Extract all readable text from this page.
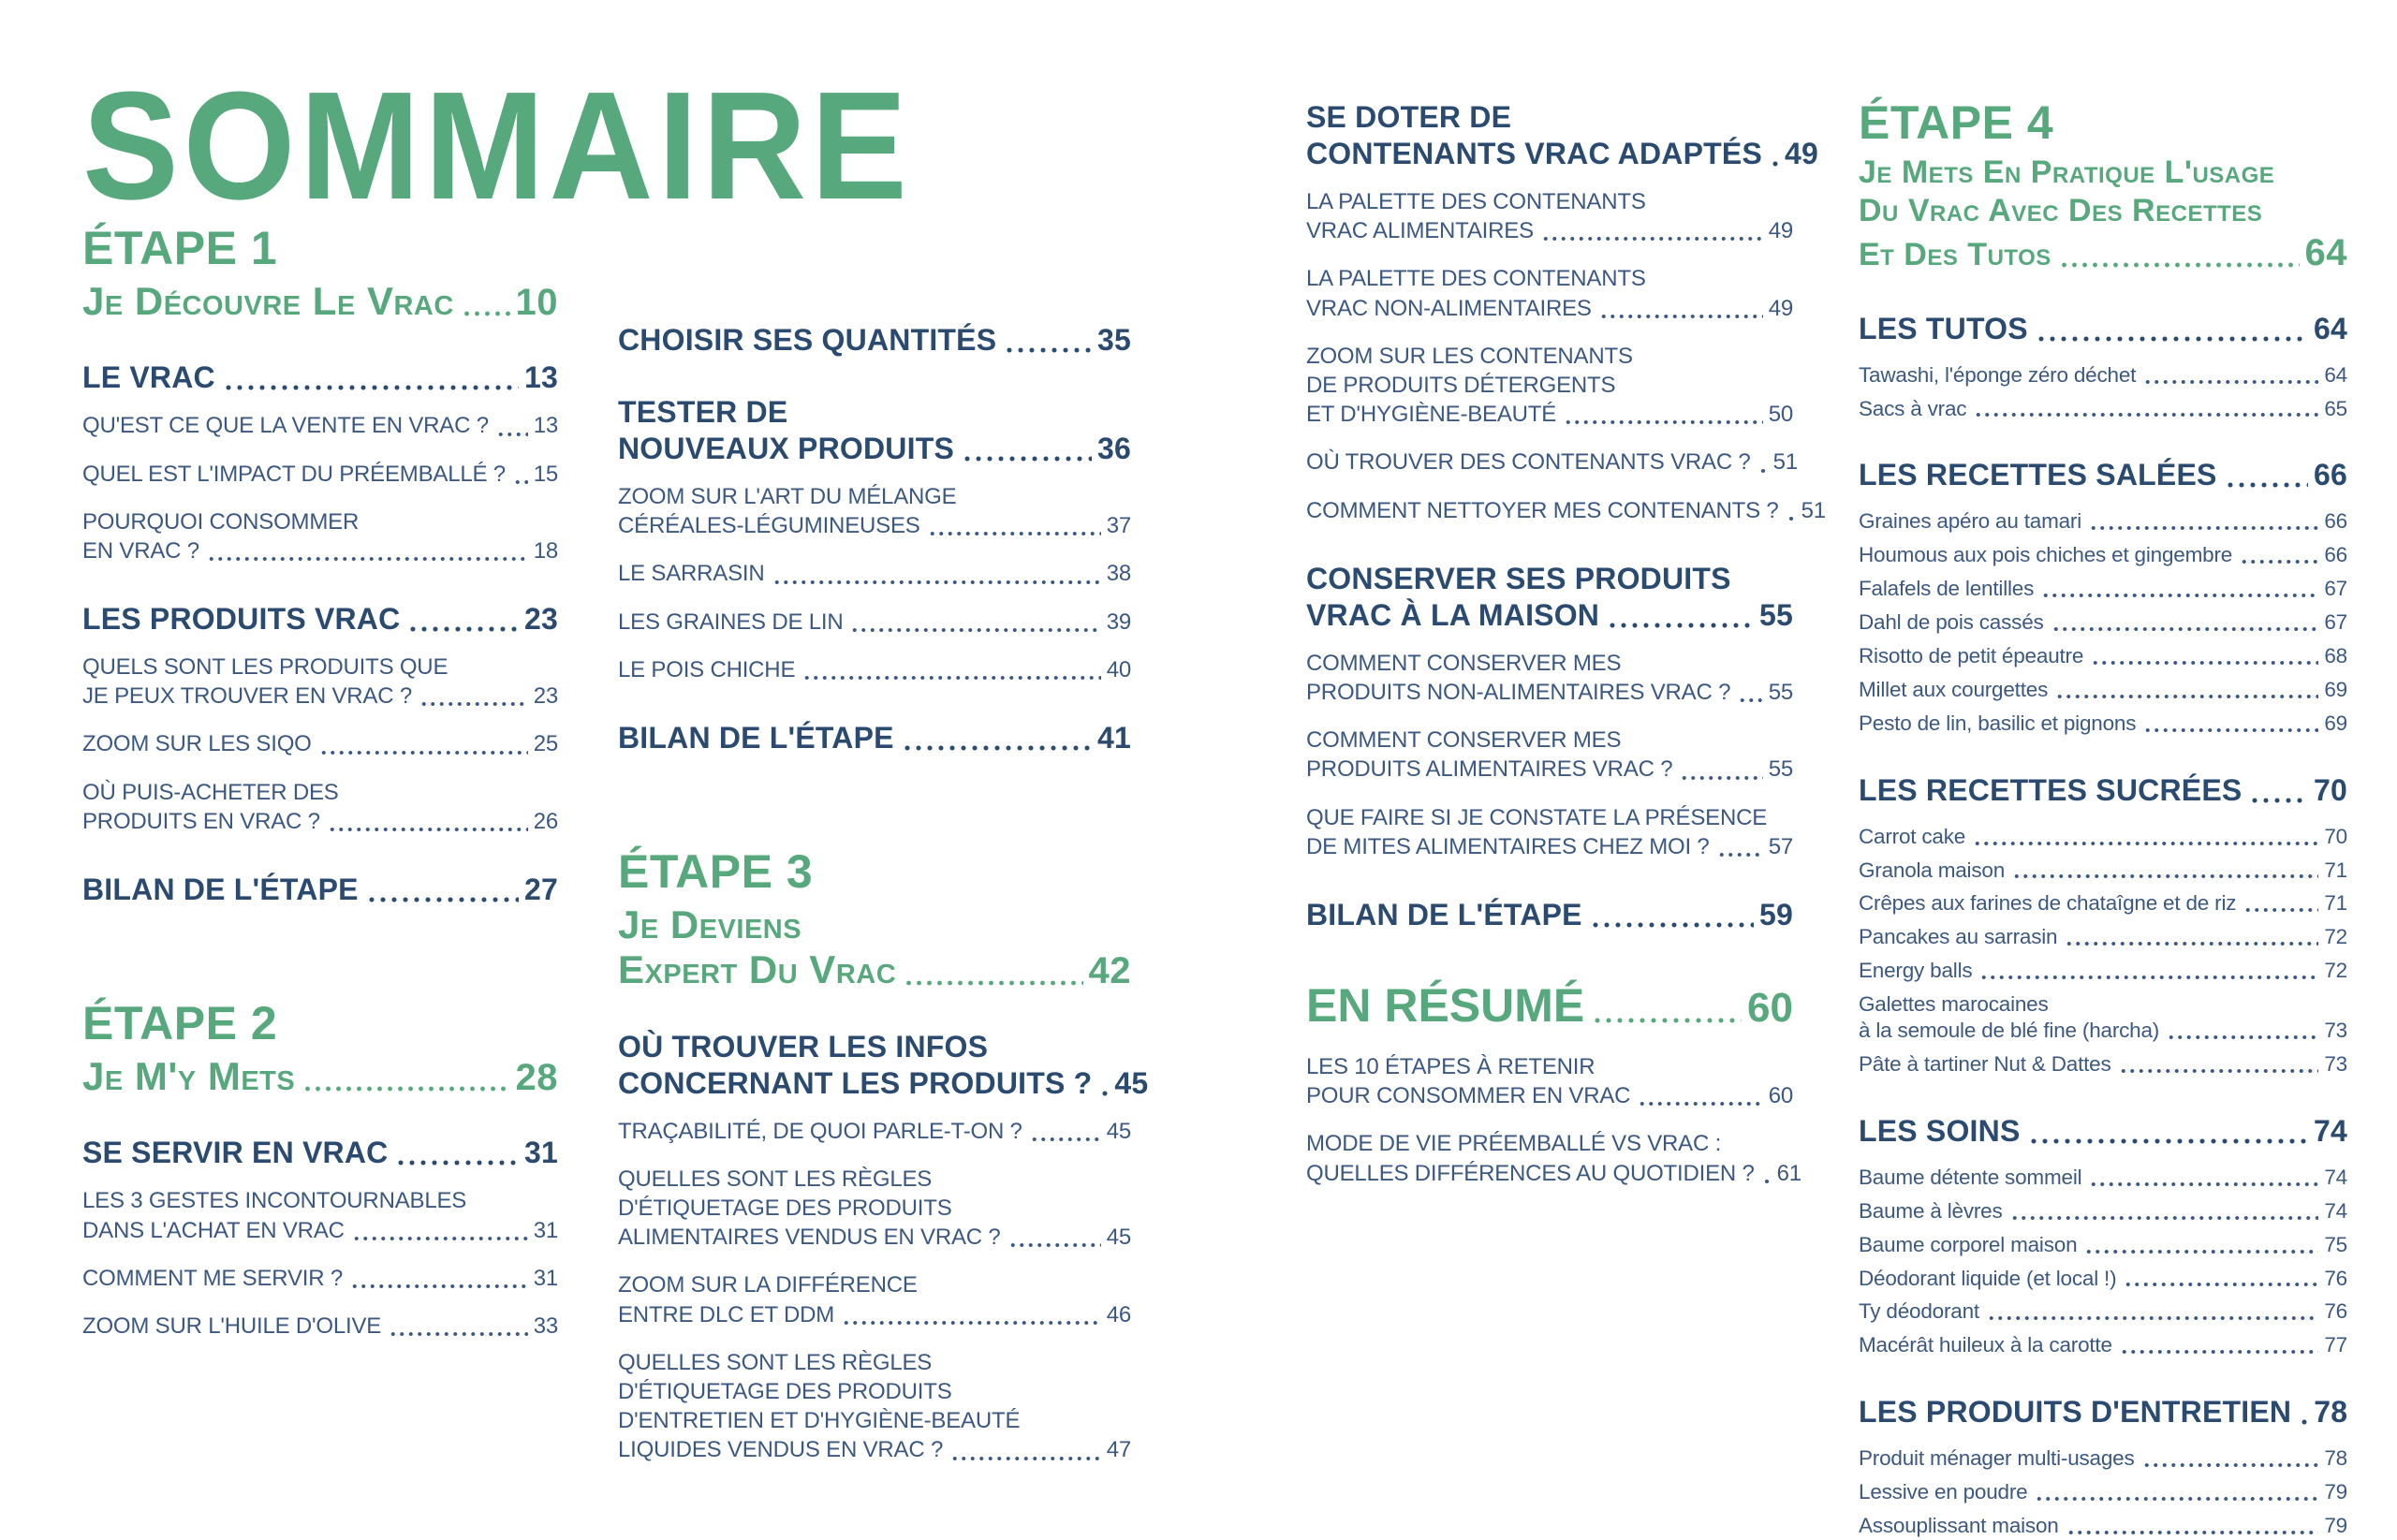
SOMMAIRE
ÉTAPE 1
Je Découvre Le Vrac 10
LE VRAC	13
QU'EST CE QUE LA VENTE EN VRAC ? 13
QUEL EST L'IMPACT DU PRÉEMBALLÉ ? 15
POURQUOI CONSOMMER
EN VRAC ?	18
LES PRODUITS VRAC	23
QUELS SONT LES PRODUITS QUE
JE PEUX TROUVER EN VRAC ?	23
ZOOM SUR LES SIQO	25
OÙ PUIS-ACHETER DES
PRODUITS EN VRAC ?	26
BILAN DE L'ÉTAPE	27
ÉTAPE 2
Je M'y Mets	28
SE SERVIR EN VRAC	31
LES 3 GESTES INCONTOURNABLES
DANS L'ACHAT EN VRAC	31
COMMENT ME SERVIR ?	31
ZOOM SUR L'HUILE D'OLIVE	33
CHOISIR SES QUANTITÉS	35
TESTER DE
NOUVEAUX PRODUITS	36
ZOOM SUR L'ART DU MÉLANGE
CÉRÉALES-LÉGUMINEUSES	37
LE SARRASIN	38
LES GRAINES DE LIN	39
LE POIS CHICHE	40
BILAN DE L'ÉTAPE	41
ÉTAPE 3
Je Deviens
Expert Du Vrac	42
OÙ TROUVER LES INFOS
CONCERNANT LES PRODUITS ? 45
TRAÇABILITÉ, DE QUOI PARLE-T-ON ?	45
QUELLES SONT LES RÈGLES
D'ÉTIQUETAGE DES PRODUITS
ALIMENTAIRES VENDUS EN VRAC ?	45
ZOOM SUR LA DIFFÉRENCE
ENTRE DLC ET DDM	46
QUELLES SONT LES RÈGLES
D'ÉTIQUETAGE DES PRODUITS
D'ENTRETIEN ET D'HYGIÈNE-BEAUTÉ
LIQUIDES VENDUS EN VRAC ?	47
SE DOTER DE
CONTENANTS VRAC ADAPTÉS 49
LA PALETTE DES CONTENANTS
VRAC ALIMENTAIRES	49
LA PALETTE DES CONTENANTS
VRAC NON-ALIMENTAIRES	49
ZOOM SUR LES CONTENANTS
DE PRODUITS DÉTERGENTS
ET D'HYGIÈNE-BEAUTÉ	50
OÙ TROUVER DES CONTENANTS VRAC ? 51
COMMENT NETTOYER MES CONTENANTS ? 51
CONSERVER SES PRODUITS
VRAC À LA MAISON	55
COMMENT CONSERVER MES
PRODUITS NON-ALIMENTAIRES VRAC ? 55
COMMENT CONSERVER MES
PRODUITS ALIMENTAIRES VRAC ?	55
QUE FAIRE SI JE CONSTATE LA PRÉSENCE
DE MITES ALIMENTAIRES CHEZ MOI ?	57
BILAN DE L'ÉTAPE	59
EN RÉSUMÉ	60
LES 10 ÉTAPES À RETENIR
POUR CONSOMMER EN VRAC	60
MODE DE VIE PRÉEMBALLÉ VS VRAC :
QUELLES DIFFÉRENCES AU QUOTIDIEN ? 61
ÉTAPE 4
Je Mets En Pratique L'usage
Du Vrac Avec Des Recettes
Et Des Tutos	64
LES TUTOS	64
Tawashi, l'éponge zéro déchet	64
Sacs à vrac	65
LES RECETTES SALÉES	66
Graines apéro au tamari	66
Houmous aux pois chiches et gingembre	66
Falafels de lentilles	67
Dahl de pois cassés	67
Risotto de petit épeautre	68
Millet aux courgettes	69
Pesto de lin, basilic et pignons	69
LES RECETTES SUCRÉES 70
Carrot cake	70
Granola maison	71
Crêpes aux farines de chataîgne et de riz	71
Pancakes au sarrasin	72
Energy balls	72
Galettes marocaines
à la semoule de blé fine (harcha)	73
Pâte à tartiner Nut & Dattes	73
LES SOINS	74
Baume détente sommeil	74
Baume à lèvres	74
Baume corporel maison	75
Déodorant liquide (et local !)	76
Ty déodorant	76
Macérât huileux à la carotte	77
LES PRODUITS D'ENTRETIEN 78
Produit ménager multi-usages	78
Lessive en poudre	79
Assouplissant maison	79
